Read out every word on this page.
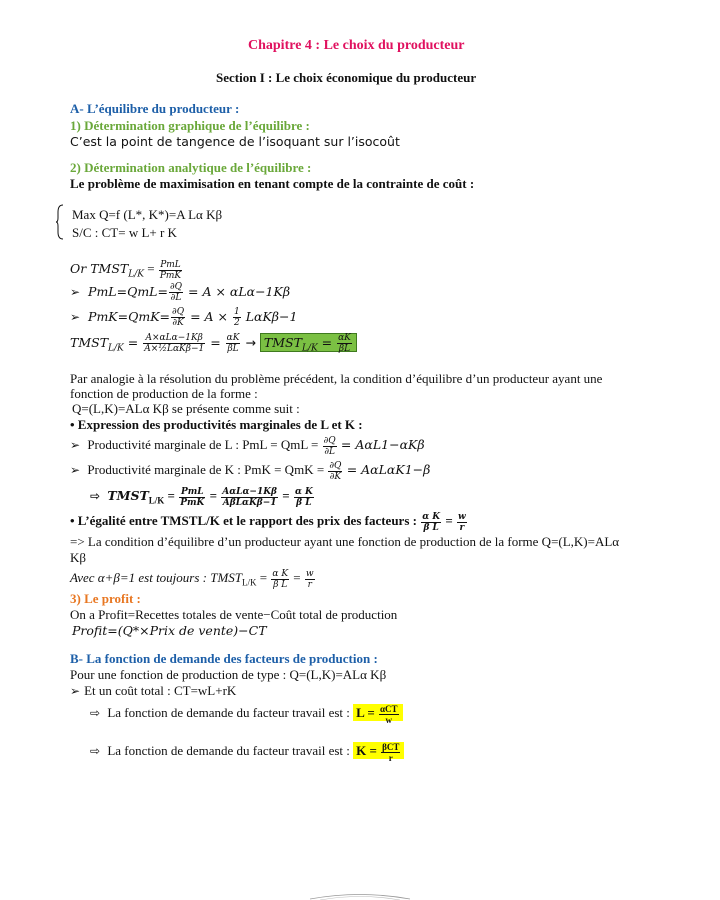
Chapitre 4 : Le choix du producteur
Section I : Le choix économique du producteur
A- L’équilibre du producteur :
1) Détermination graphique de l’équilibre :
C’est la point de tangence de l’isoquant sur l’isocoût
2) Détermination analytique de l’équilibre :
Le problème de maximisation en tenant compte de la contrainte de coût :
Max Q=f (L*, K*)=A Lα Kβ
S/C : CT= w L+ r K
Or $TMST_{L/K} = \frac{\text{PmL}}{\text{PmK}}$
➢ $PmL=QmL= \frac{\partial Q}{\partial L} = A \times \alpha L\alpha-1K\beta$
➢ $PmK=QmK= \frac{\partial Q}{\partial K} = A \times \frac{1}{2} L\alpha K\beta-1$
$TMST_{L/K} = \frac{\text{A×αLα−1Kβ}}{\text{A×½LαKβ−1}} = \frac{\alpha K}{\beta L}$ → $TMST_{L/K} = \frac{\alpha K}{\beta L}$
Par analogie à la résolution du problème précédent, la condition d’équilibre d’un producteur ayant une
fonction de production de la forme :
Q=(L,K)=ALα Kβ se présente comme suit :
• Expression des productivités marginales de L et K :
➢ Productivité marginale de L : PmL = QmL = $\frac{\partial Q}{\partial L} = A\alpha L1-\alpha K\beta$
➢ Productivité marginale de K : PmK = QmK = $\frac{\partial Q}{\partial K} = A\alpha L\alpha K1-\beta$
⇨ $TMST_{L/K} = \frac{\text{PmL}}{\text{PmK}} = \frac{\text{AαLα−1Kβ}}{\text{AβLαKβ−1}} = \frac{\text{α K}}{\text{β L}}$
• L’égalité entre TMSTL/K et le rapport des prix des facteurs : $\frac{\text{α K}}{\text{β L}} = \frac{w}{r}$
=> La condition d’équilibre d’un producteur ayant une fonction de production de la forme Q=(L,K)=ALα
Kβ
Avec α+β=1 est toujours : $TMST_{L/K} = \frac{\text{α K}}{\text{β L}} = \frac{w}{r}$
3) Le profit :
On a Profit=Recettes totales de vente−Coût total de production
Profit=(Q*×Prix de vente)−CT
B- La fonction de demande des facteurs de production :
Pour une fonction de production de type : Q=(L,K)=ALα Kβ
➢ Et un coût total : CT=wL+rK
⇨ La fonction de demande du facteur travail est : $L = \frac{\text{αCT}}{w}$
⇨ La fonction de demande du facteur travail est : $K = \frac{\text{βCT}}{r}$
